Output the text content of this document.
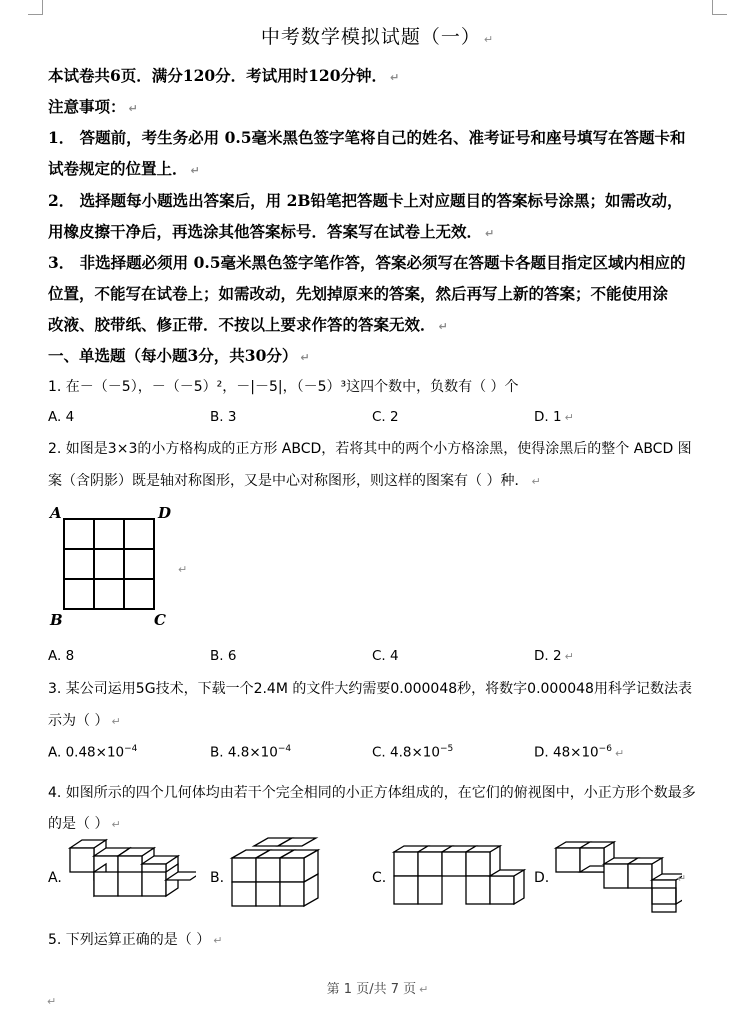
中考数学模拟试题（一） ↵
本试卷共6页．满分120分．考试用时120分钟． ↵
注意事项： ↵
1． 答题前，考生务必用 0.5毫米黑色签字笔将自己的姓名、准考证号和座号填写在答题卡和
试卷规定的位置上． ↵
2． 选择题每小题选出答案后，用 2B铅笔把答题卡上对应题目的答案标号涂黑；如需改动，
用橡皮擦干净后，再选涂其他答案标号．答案写在试卷上无效． ↵
3． 非选择题必须用 0.5毫米黑色签字笔作答，答案必须写在答题卡各题目指定区域内相应的
位置，不能写在试卷上；如需改动，先划掉原来的答案，然后再写上新的答案；不能使用涂
改液、胶带纸、修正带．不按以上要求作答的答案无效． ↵
一、单选题（每小题3分，共30分） ↵
1. 在－（－5），－（－5）²，－|－5|，（－5）³这四个数中，负数有（ ）个
A. 4	B. 3	C. 2	D. 1 ↵
2. 如图是3×3的小方格构成的正方形 ABCD，若将其中的两个小方格涂黑，使得涂黑后的整个 ABCD 图
案（含阴影）既是轴对称图形，又是中心对称图形，则这样的图案有（ ）种． ↵
A	D
B	C
↵
A. 8	B. 6	C. 4	D. 2 ↵
3. 某公司运用5G技术，下载一个2.4M 的文件大约需要0.000048秒，将数字0.000048用科学记数法表
示为（ ） ↵
A. $0.48\times 10^{-4}$	B. $4.8\times 10^{-4}$	C. $4.8\times 10^{-5}$	D. $48\times 10^{-6}$ ↵
4. 如图所示的四个几何体均由若干个完全相同的小正方体组成的，在它们的俯视图中，小正方形个数最多
的是（ ） ↵
A.	B.	C.	D.	↵
5. 下列运算正确的是（ ） ↵
第 1 页/共 7 页 ↵
↵
